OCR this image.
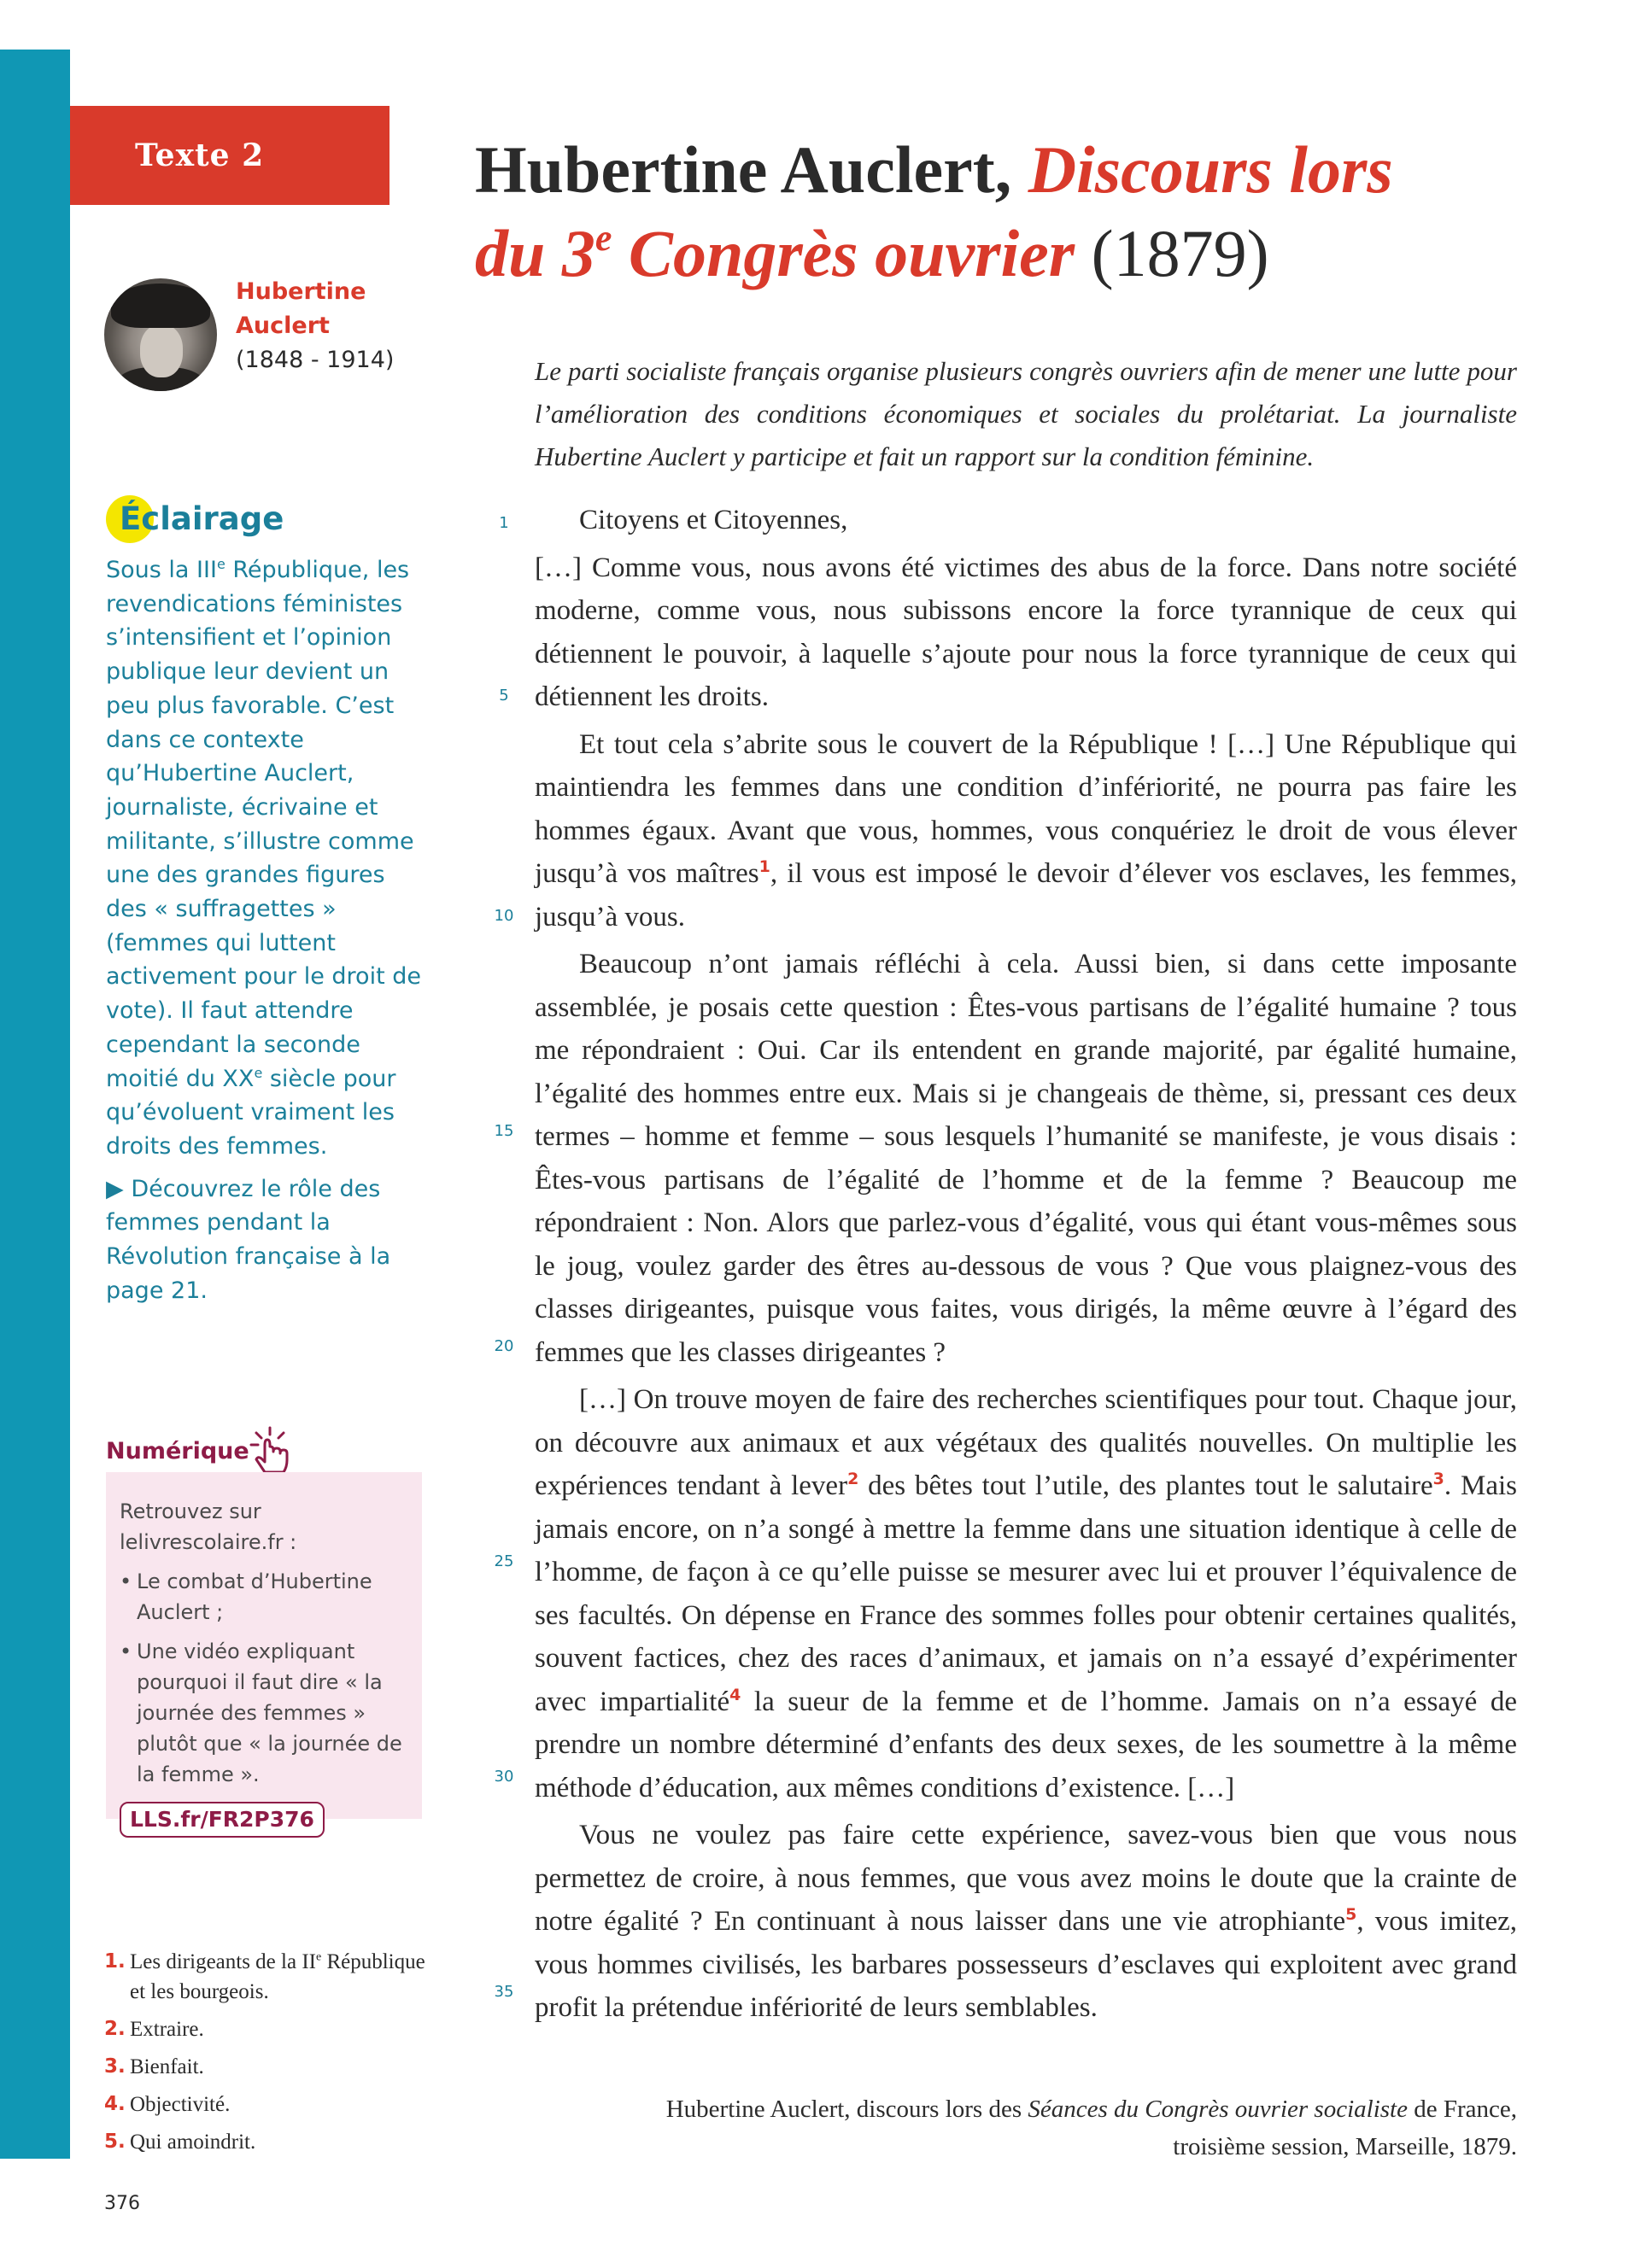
Texte 2	Hubertine Auclert, Discours lors
du 3e Congrès ouvrier (1879)
Hubertine Auclert
(1848 - 1914)
Éclairage

Sous la IIIe République, les revendications féministes s’intensifient et l’opinion publique leur devient un peu plus favorable. C’est dans ce contexte qu’Hubertine Auclert, journaliste, écrivaine et militante, s’illustre comme une des grandes figures des « suffragettes » (femmes qui luttent activement pour le droit de vote). Il faut attendre cependant la seconde moitié du XXe siècle pour qu’évoluent vraiment les droits des femmes.

▶ Découvrez le rôle des femmes pendant la Révolution française à la page 21.

Numérique
Retrouvez sur lelivrescolaire.fr :
• Le combat d’Hubertine Auclert ;
• Une vidéo expliquant pourquoi il faut dire « la journée des femmes » plutôt que « la journée de la femme ».
LLS.fr/FR2P376
1. Les dirigeants de la IIe République et les bourgeois.
2. Extraire.
3. Bienfait.
4. Objectivité.
5. Qui amoindrit.
376
Le parti socialiste français organise plusieurs congrès ouvriers afin de mener une lutte pour l’amélioration des conditions économiques et sociales du prolétariat. La journaliste Hubertine Auclert y participe et fait un rapport sur la condition féminine.
1
5
10
15
20
25
30
35

Citoyens et Citoyennes,

[…] Comme vous, nous avons été victimes des abus de la force. Dans notre société moderne, comme vous, nous subissons encore la force tyrannique de ceux qui détiennent le pouvoir, à laquelle s’ajoute pour nous la force tyrannique de ceux qui détiennent les droits.

Et tout cela s’abrite sous le couvert de la République ! […] Une République qui maintiendra les femmes dans une condition d’infériorité, ne pourra pas faire les hommes égaux. Avant que vous, hommes, vous conquériez le droit de vous élever jusqu’à vos maîtres$^1$, il vous est imposé le devoir d’élever vos esclaves, les femmes, jusqu’à vous.

Beaucoup n’ont jamais réfléchi à cela. Aussi bien, si dans cette imposante assemblée, je posais cette question : Êtes-vous partisans de l’égalité humaine ? tous me répondraient : Oui. Car ils entendent en grande majorité, par égalité humaine, l’égalité des hommes entre eux. Mais si je changeais de thème, si, pressant ces deux termes – homme et femme – sous lesquels l’humanité se manifeste, je vous disais : Êtes-vous partisans de l’égalité de l’homme et de la femme ? Beaucoup me répondraient : Non. Alors que parlez-vous d’égalité, vous qui étant vous-mêmes sous le joug, voulez garder des êtres au-dessous de vous ? Que vous plaignez-vous des classes dirigeantes, puisque vous faites, vous dirigés, la même œuvre à l’égard des femmes que les classes dirigeantes ?

[…] On trouve moyen de faire des recherches scientifiques pour tout. Chaque jour, on découvre aux animaux et aux végétaux des qualités nouvelles. On multiplie les expériences tendant à lever$^2$ des bêtes tout l’utile, des plantes tout le salutaire$^3$. Mais jamais encore, on n’a songé à mettre la femme dans une situation identique à celle de l’homme, de façon à ce qu’elle puisse se mesurer avec lui et prouver l’équivalence de ses facultés. On dépense en France des sommes folles pour obtenir certaines qualités, souvent factices, chez des races d’animaux, et jamais on n’a essayé d’expérimenter avec impartialité$^4$ la sueur de la femme et de l’homme. Jamais on n’a essayé de prendre un nombre déterminé d’enfants des deux sexes, de les soumettre à la même méthode d’éducation, aux mêmes conditions d’existence. […]

Vous ne voulez pas faire cette expérience, savez-vous bien que vous nous permettez de croire, à nous femmes, que vous avez moins le doute que la crainte de notre égalité ? En continuant à nous laisser dans une vie atrophiante$^5$, vous imitez, vous hommes civilisés, les barbares possesseurs d’esclaves qui exploitent avec grand profit la prétendue infériorité de leurs semblables.

Hubertine Auclert, discours lors des Séances du Congrès ouvrier socialiste de France,
troisième session, Marseille, 1879.
